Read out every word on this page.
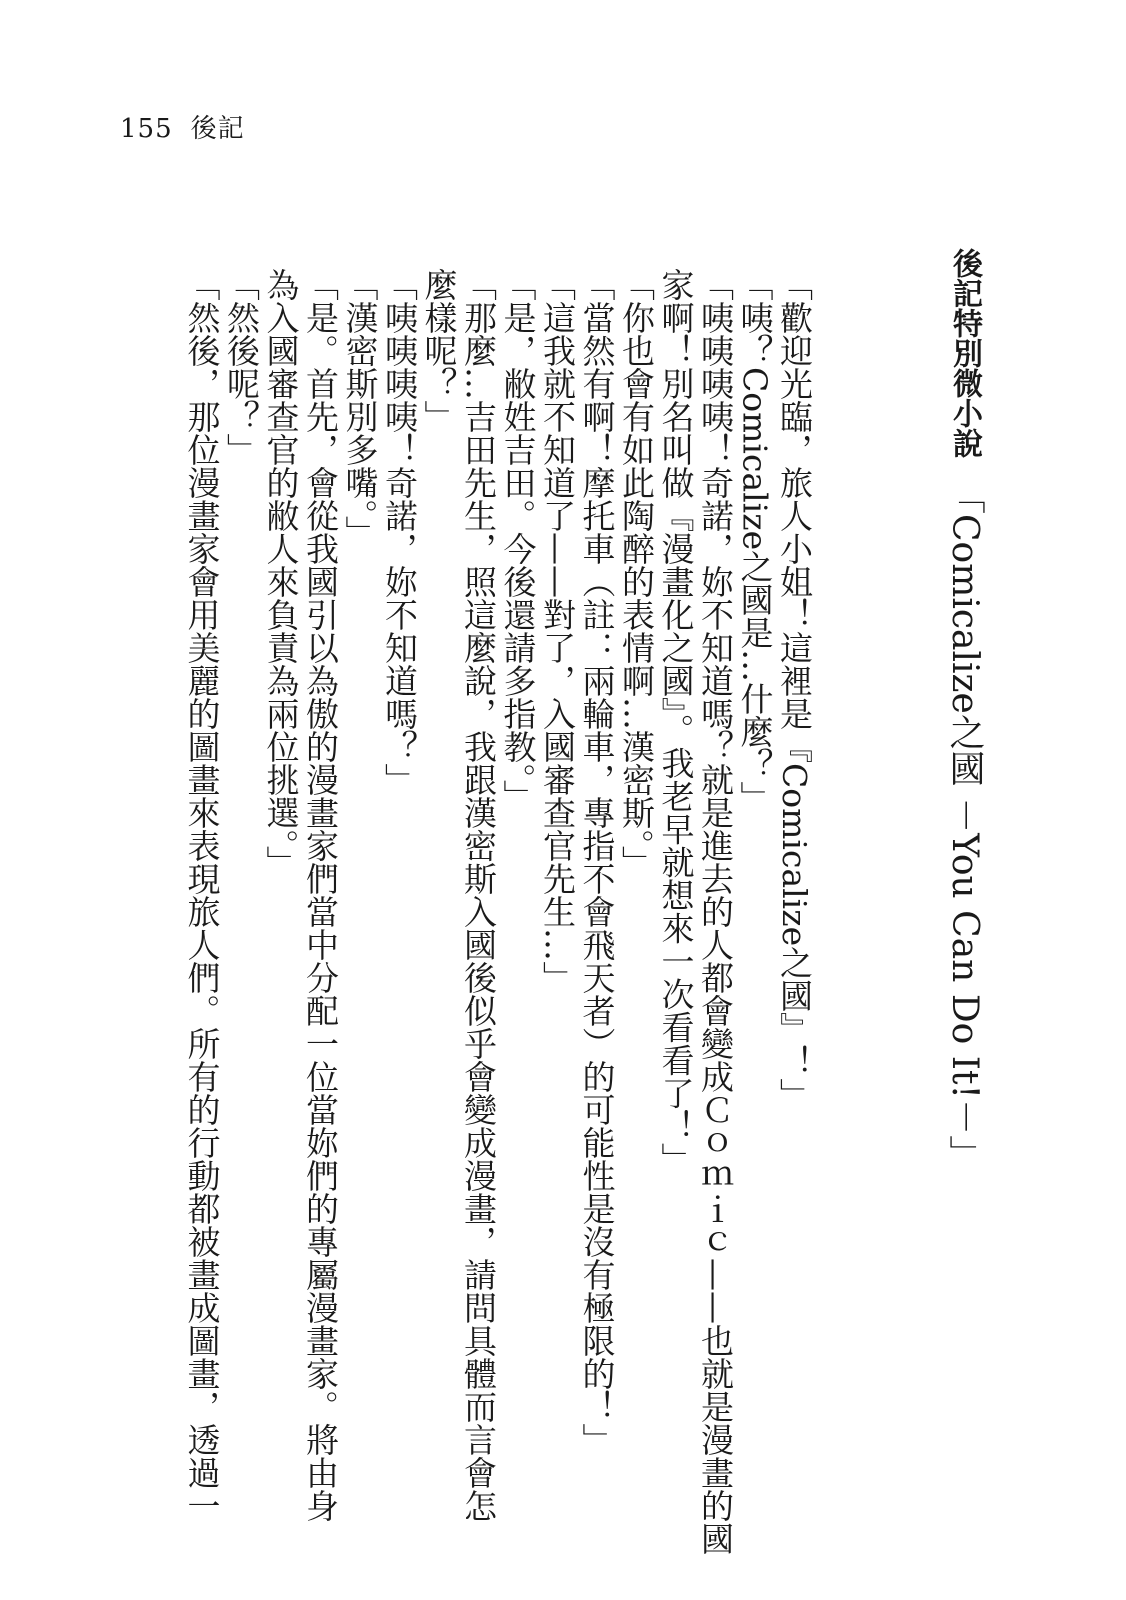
155 後記
後記特別微小說「Comicalize之國 －You Can Do It!－」
「歡迎光臨，旅人小姐！這裡是『Comicalize之國』！」
「咦？Comicalize之國是…什麼？」
「咦咦咦咦！奇諾，妳不知道嗎？就是進去的人都會變成Ｃｏｍｉｃ——也就是漫畫的國
家啊！別名叫做『漫畫化之國』。我老早就想來一次看看了！」
「你也會有如此陶醉的表情啊…漢密斯。」
「當然有啊！摩托車（註：兩輪車，專指不會飛天者）的可能性是沒有極限的！」
「這我就不知道了——對了，入國審查官先生…」
「是，敝姓吉田。今後還請多指教。」
「那麼…吉田先生，照這麼說，我跟漢密斯入國後似乎會變成漫畫，請問具體而言會怎
麼樣呢？」
「咦咦咦咦！奇諾，妳不知道嗎？」
「漢密斯別多嘴。」
「是。首先，會從我國引以為傲的漫畫家們當中分配一位當妳們的專屬漫畫家。將由身
為入國審查官的敝人來負責為兩位挑選。」
「然後呢？」
「然後，那位漫畫家會用美麗的圖畫來表現旅人們。所有的行動都被畫成圖畫，透過一
